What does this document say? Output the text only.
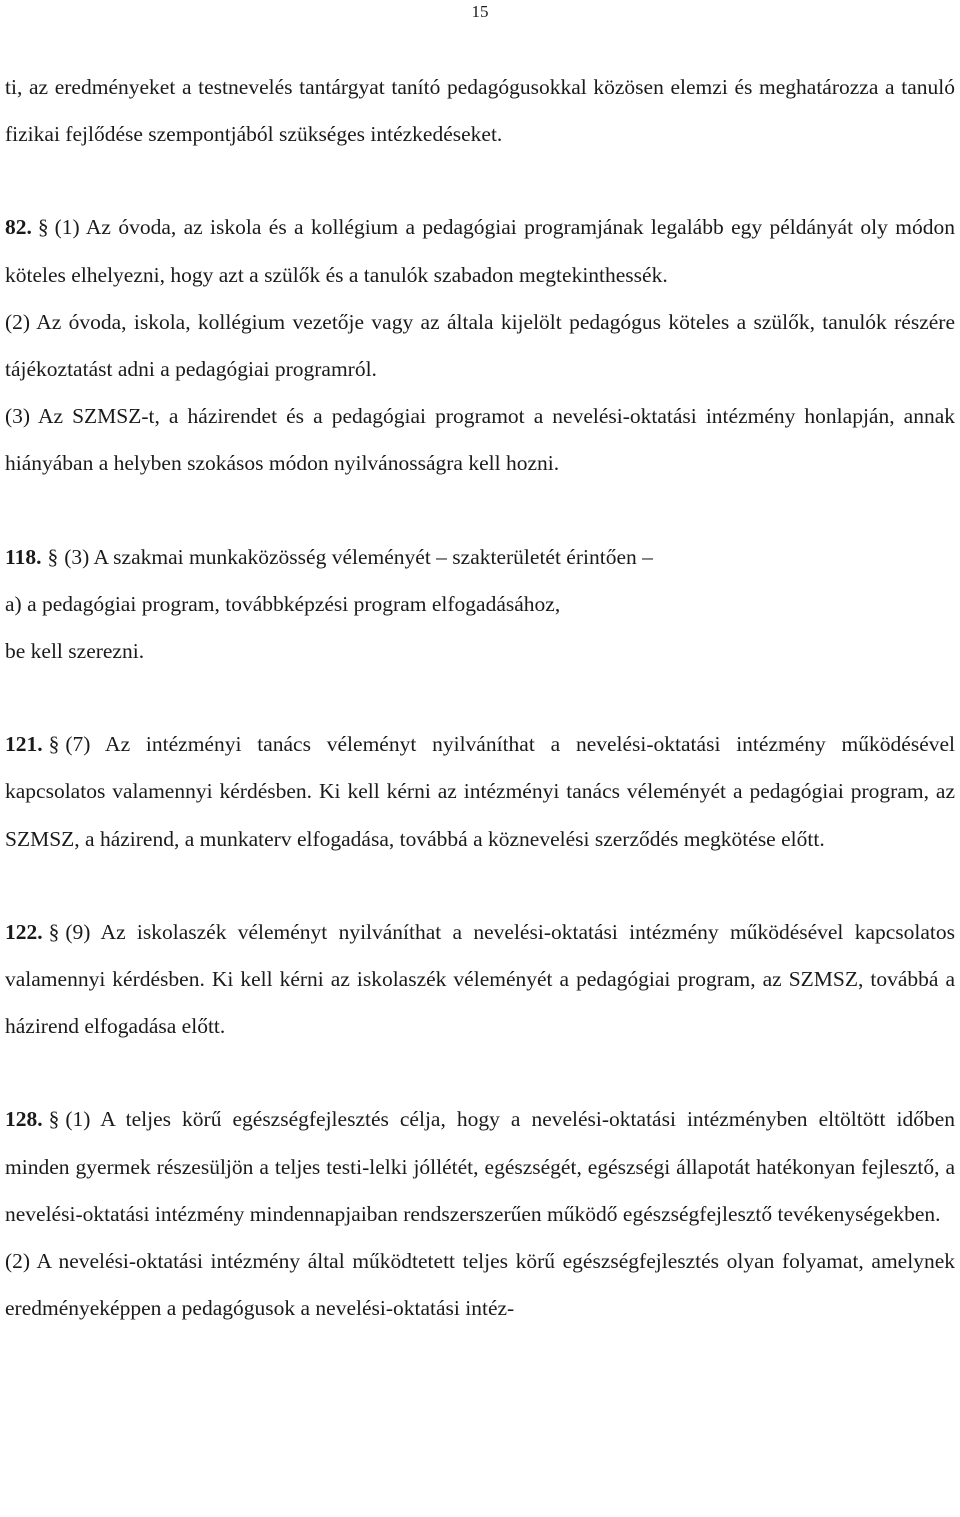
15

ti, az eredményeket a testnevelés tantárgyat tanító pedagógusokkal közösen elemzi és meghatározza a tanuló fizikai fejlődése szempontjából szükséges intézkedéseket.

82. § (1) Az óvoda, az iskola és a kollégium a pedagógiai programjának legalább egy példányát oly módon köteles elhelyezni, hogy azt a szülők és a tanulók szabadon megtekinthessék.

(2) Az óvoda, iskola, kollégium vezetője vagy az általa kijelölt pedagógus köteles a szülők, tanulók részére tájékoztatást adni a pedagógiai programról.

(3) Az SZMSZ-t, a házirendet és a pedagógiai programot a nevelési-oktatási intézmény honlapján, annak hiányában a helyben szokásos módon nyilvánosságra kell hozni.

118. § (3) A szakmai munkaközösség véleményét – szakterületét érintően –

a) a pedagógiai program, továbbképzési program elfogadásához,

be kell szerezni.

121. § (7) Az intézményi tanács véleményt nyilváníthat a nevelési-oktatási intézmény működésével kapcsolatos valamennyi kérdésben. Ki kell kérni az intézményi tanács véleményét a pedagógiai program, az SZMSZ, a házirend, a munkaterv elfogadása, továbbá a köznevelési szerződés megkötése előtt.

122. § (9) Az iskolaszék véleményt nyilváníthat a nevelési-oktatási intézmény működésével kapcsolatos valamennyi kérdésben. Ki kell kérni az iskolaszék véleményét a pedagógiai program, az SZMSZ, továbbá a házirend elfogadása előtt.

128. § (1) A teljes körű egészségfejlesztés célja, hogy a nevelési-oktatási intézményben eltöltött időben minden gyermek részesüljön a teljes testi-lelki jóllétét, egészségét, egészségi állapotát hatékonyan fejlesztő, a nevelési-oktatási intézmény mindennapjaiban rendszerszerűen működő egészségfejlesztő tevékenységekben.

(2) A nevelési-oktatási intézmény által működtetett teljes körű egészségfejlesztés olyan folyamat, amelynek eredményeképpen a pedagógusok a nevelési-oktatási intéz-
